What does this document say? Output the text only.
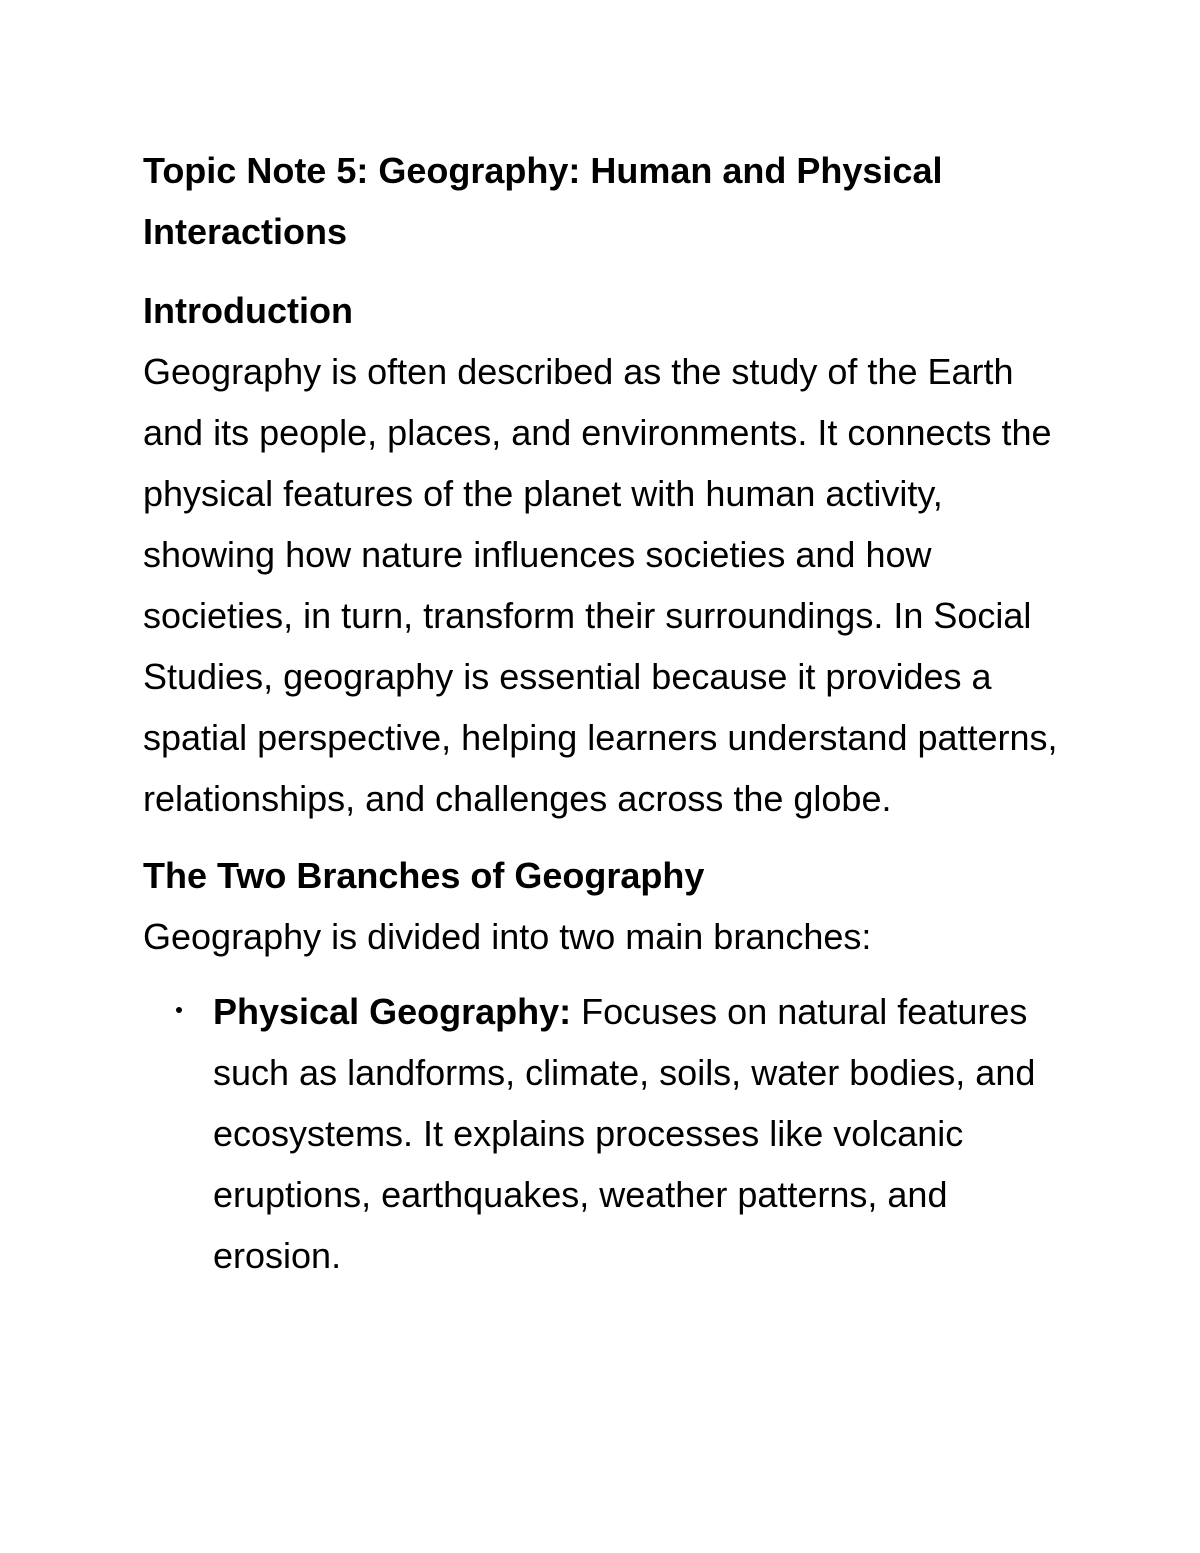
Topic Note 5: Geography: Human and Physical Interactions
Introduction

Geography is often described as the study of the Earth and its people, places, and environments. It connects the physical features of the planet with human activity, showing how nature influences societies and how societies, in turn, transform their surroundings. In Social Studies, geography is essential because it provides a spatial perspective, helping learners understand patterns, relationships, and challenges across the globe.

The Two Branches of Geography

Geography is divided into two main branches:

Physical Geography: Focuses on natural features such as landforms, climate, soils, water bodies, and ecosystems. It explains processes like volcanic eruptions, earthquakes, weather patterns, and erosion.
